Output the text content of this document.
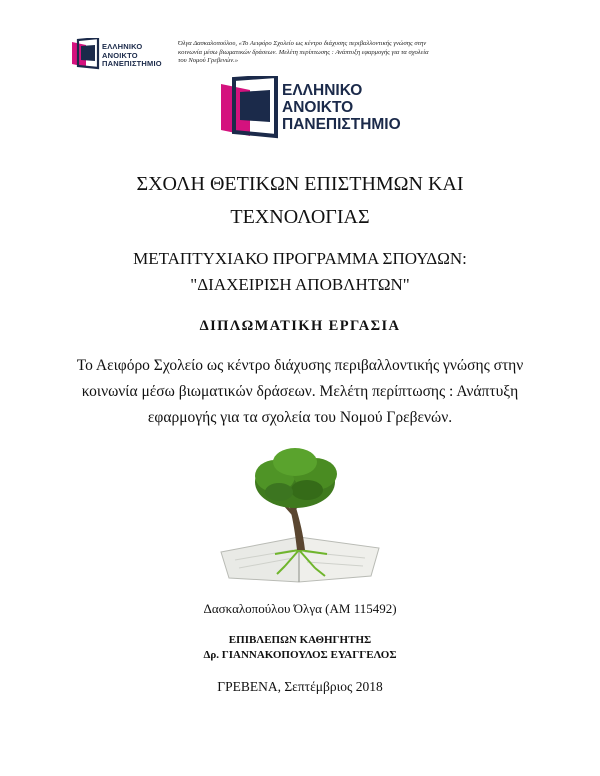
ΕΛΛΗΝΙΚΟ
ΑΝΟΙΚΤΟ
ΠΑΝΕΠΙΣΤΗΜΙΟ
Όλγα Δασκαλοπούλου, «Το Αειφόρο Σχολείο ως κέντρο διάχυσης περιβαλλοντικής γνώσης στην
κοινωνία μέσω βιωματικών δράσεων. Μελέτη περίπτωσης : Ανάπτυξη εφαρμογής για τα σχολεία
του Νομού Γρεβενών.»
ΕΛΛΗΝΙΚΟ
ΑΝΟΙΚΤΟ
ΠΑΝΕΠΙΣΤΗΜΙΟ
ΣΧΟΛΗ ΘΕΤΙΚΩΝ ΕΠΙΣΤΗΜΩΝ ΚΑΙ
ΤΕΧΝΟΛΟΓΙΑΣ
ΜΕΤΑΠΤΥΧΙΑΚΟ ΠΡΟΓΡΑΜΜΑ ΣΠΟΥΔΩΝ:
"ΔΙΑΧΕΙΡΙΣΗ ΑΠΟΒΛΗΤΩΝ"
ΔΙΠΛΩΜΑΤΙΚΗ ΕΡΓΑΣΙΑ
Το Αειφόρο Σχολείο ως κέντρο διάχυσης περιβαλλοντικής γνώσης στην
κοινωνία μέσω βιωματικών δράσεων. Μελέτη περίπτωσης : Ανάπτυξη
εφαρμογής για τα σχολεία του Νομού Γρεβενών.
Δασκαλοπούλου Όλγα (ΑΜ 115492)
ΕΠΙΒΛΕΠΩΝ ΚΑΘΗΓΗΤΗΣ
Δρ. ΓΙΑΝΝΑΚΟΠΟΥΛΟΣ ΕΥΑΓΓΕΛΟΣ
ΓΡΕΒΕΝΑ, Σεπτέμβριος 2018
